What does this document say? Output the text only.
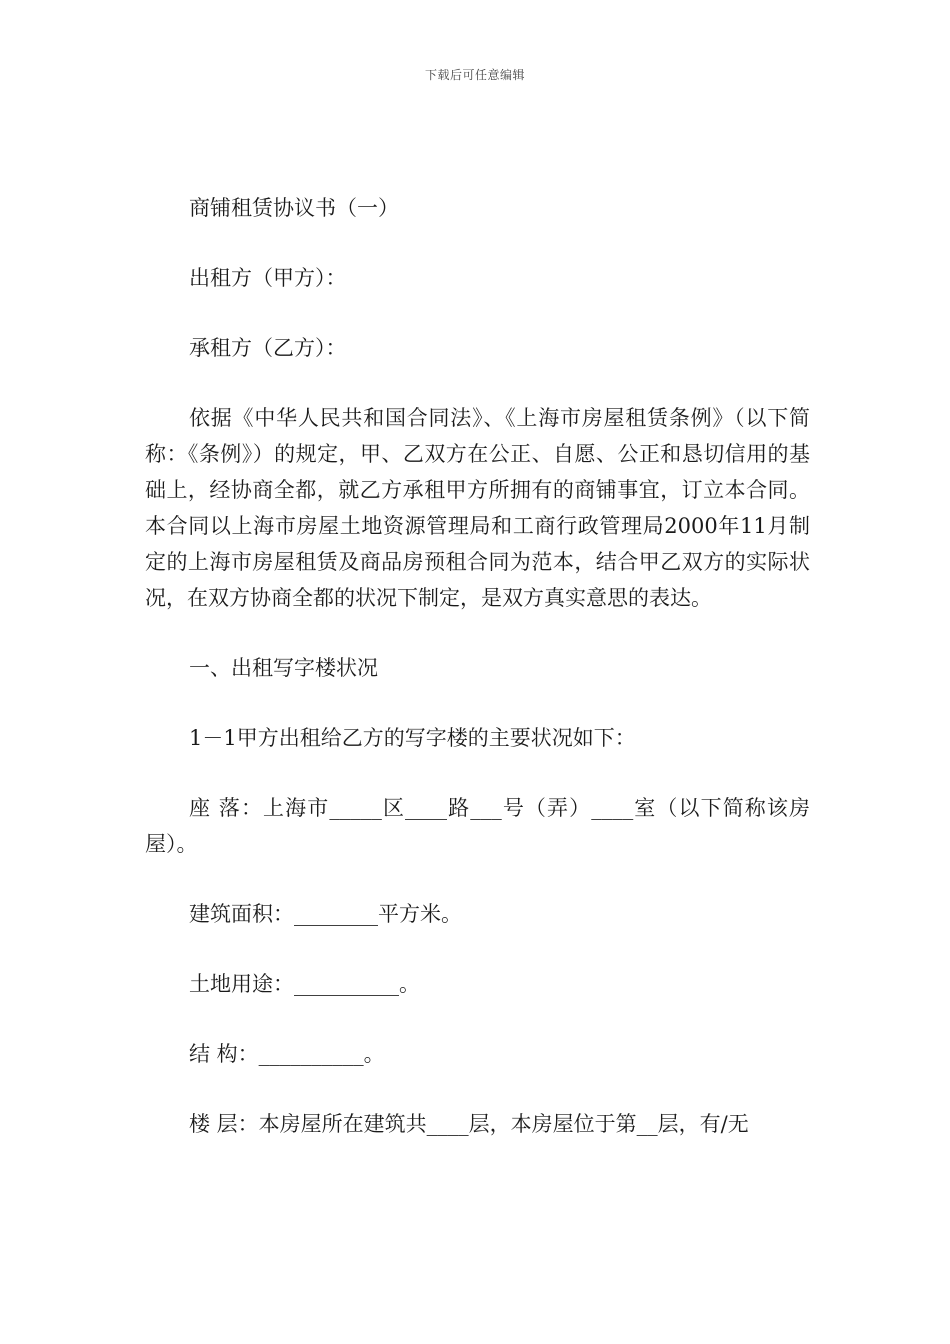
下载后可任意编辑

商铺租赁协议书（一）

出租方（甲方）：

承租方（乙方）：

依据《中华人民共和国合同法》、《上海市房屋租赁条例》（以下简称：《条例》）的规定，甲、乙双方在公正、自愿、公正和恳切信用的基础上，经协商全都，就乙方承租甲方所拥有的商铺事宜，订立本合同。本合同以上海市房屋土地资源管理局和工商行政管理局2000年11月制定的上海市房屋租赁及商品房预租合同为范本，结合甲乙双方的实际状况，在双方协商全都的状况下制定，是双方真实意思的表达。

一、出租写字楼状况

1－1甲方出租给乙方的写字楼的主要状况如下：

座 落：上海市_____区____路___号（弄）____室（以下简称该房屋）。

建筑面积：________平方米。

土地用途：__________。

结 构：__________。

楼 层：本房屋所在建筑共____层，本房屋位于第__层，有/无
